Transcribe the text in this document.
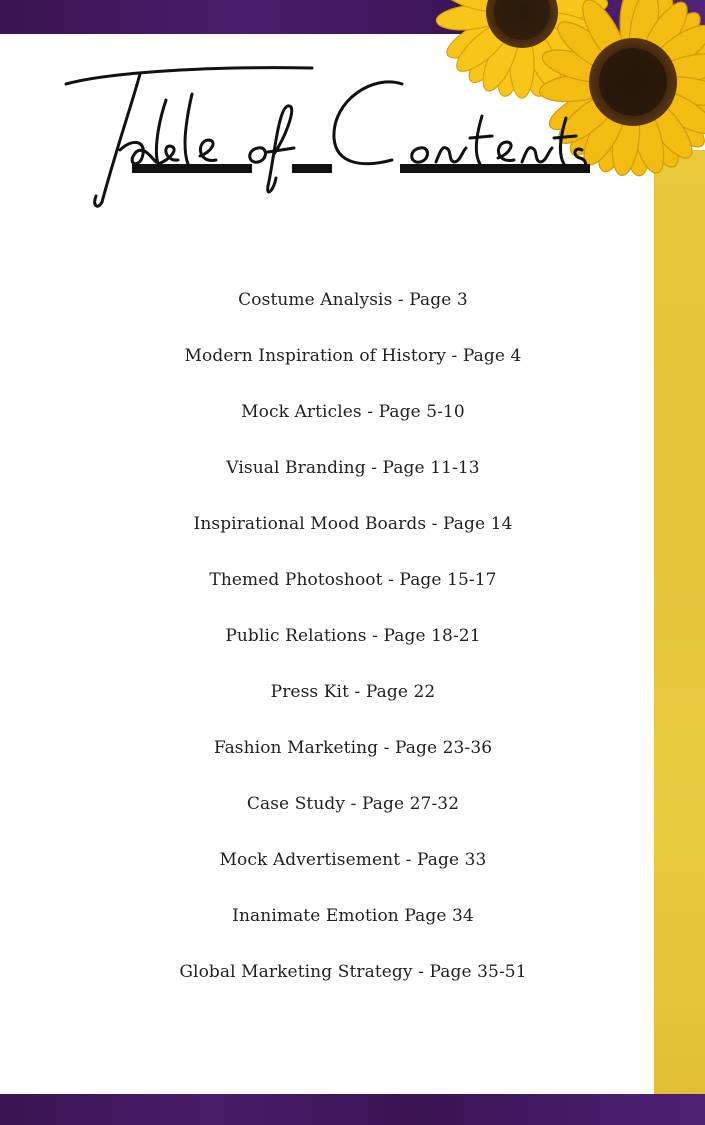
Costume Analysis - Page 3
Modern Inspiration of History - Page 4
Mock Articles - Page 5-10
Visual Branding - Page 11-13
Inspirational Mood Boards - Page 14
Themed Photoshoot - Page 15-17
Public Relations - Page 18-21
Press Kit - Page 22
Fashion Marketing - Page 23-36
Case Study - Page 27-32
Mock Advertisement - Page 33
Inanimate Emotion Page 34
Global Marketing Strategy - Page 35-51
